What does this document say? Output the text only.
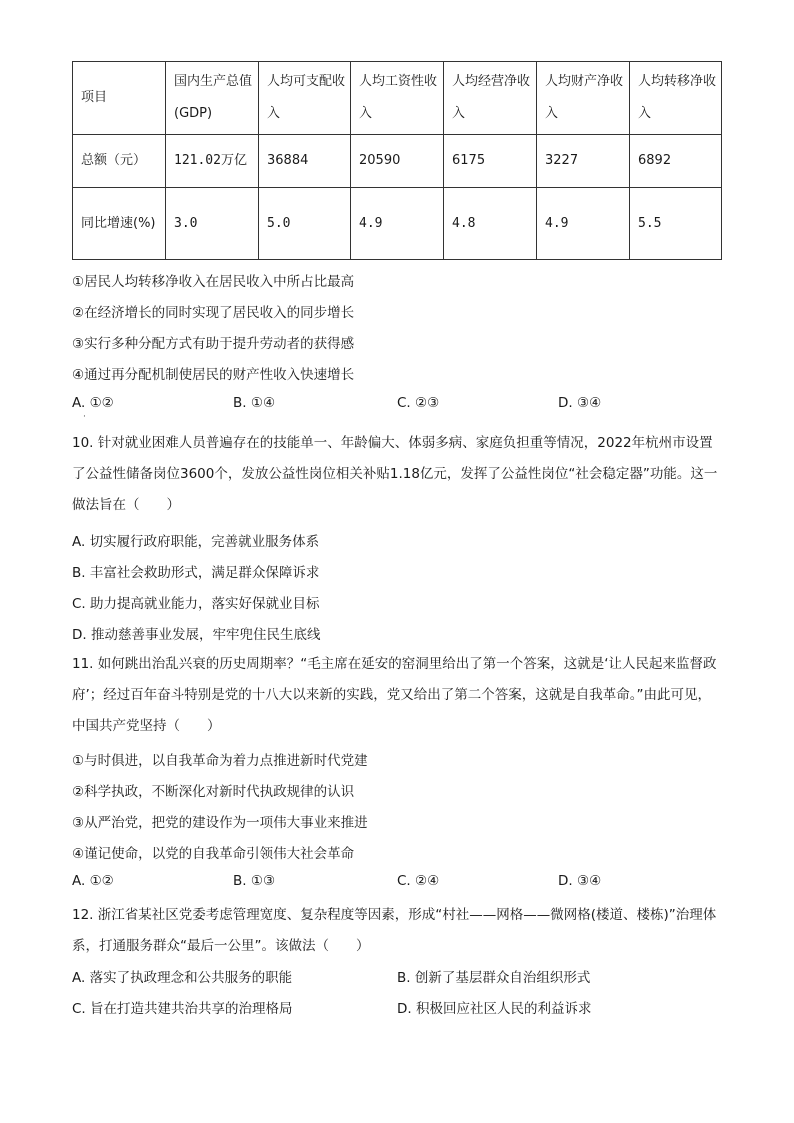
项目	国内生产总值(GDP)	人均可支配收入	人均工资性收入	人均经营净收入	人均财产净收入	人均转移净收入
总额（元）	121.02万亿	36884	20590	6175	3227	6892
同比增速(%)	3.0	5.0	4.9	4.8	4.9	5.5
①居民人均转移净收入在居民收入中所占比最高
②在经济增长的同时实现了居民收入的同步增长
③实行多种分配方式有助于提升劳动者的获得感
④通过再分配机制使居民的财产性收入快速增长
A. ①②	B. ①④	C. ②③	D. ③④
·
10. 针对就业困难人员普遍存在的技能单一、年龄偏大、体弱多病、家庭负担重等情况，2022年杭州市设置了公益性储备岗位3600个，发放公益性岗位相关补贴1.18亿元，发挥了公益性岗位“社会稳定器”功能。这一做法旨在（　　）
A. 切实履行政府职能，完善就业服务体系
B. 丰富社会救助形式，满足群众保障诉求
C. 助力提高就业能力，落实好保就业目标
D. 推动慈善事业发展，牢牢兜住民生底线
11. 如何跳出治乱兴衰的历史周期率？“毛主席在延安的窑洞里给出了第一个答案，这就是‘让人民起来监督政府’；经过百年奋斗特别是党的十八大以来新的实践，党又给出了第二个答案，这就是自我革命。”由此可见，中国共产党坚持（　　）
①与时俱进，以自我革命为着力点推进新时代党建
②科学执政，不断深化对新时代执政规律的认识
③从严治党，把党的建设作为一项伟大事业来推进
④谨记使命，以党的自我革命引领伟大社会革命
A. ①②	B. ①③	C. ②④	D. ③④
12. 浙江省某社区党委考虑管理宽度、复杂程度等因素，形成“村社——网格——微网格(楼道、楼栋)”治理体系，打通服务群众“最后一公里”。该做法（　　）
A. 落实了执政理念和公共服务的职能	B. 创新了基层群众自治组织形式
C. 旨在打造共建共治共享的治理格局	D. 积极回应社区人民的利益诉求
